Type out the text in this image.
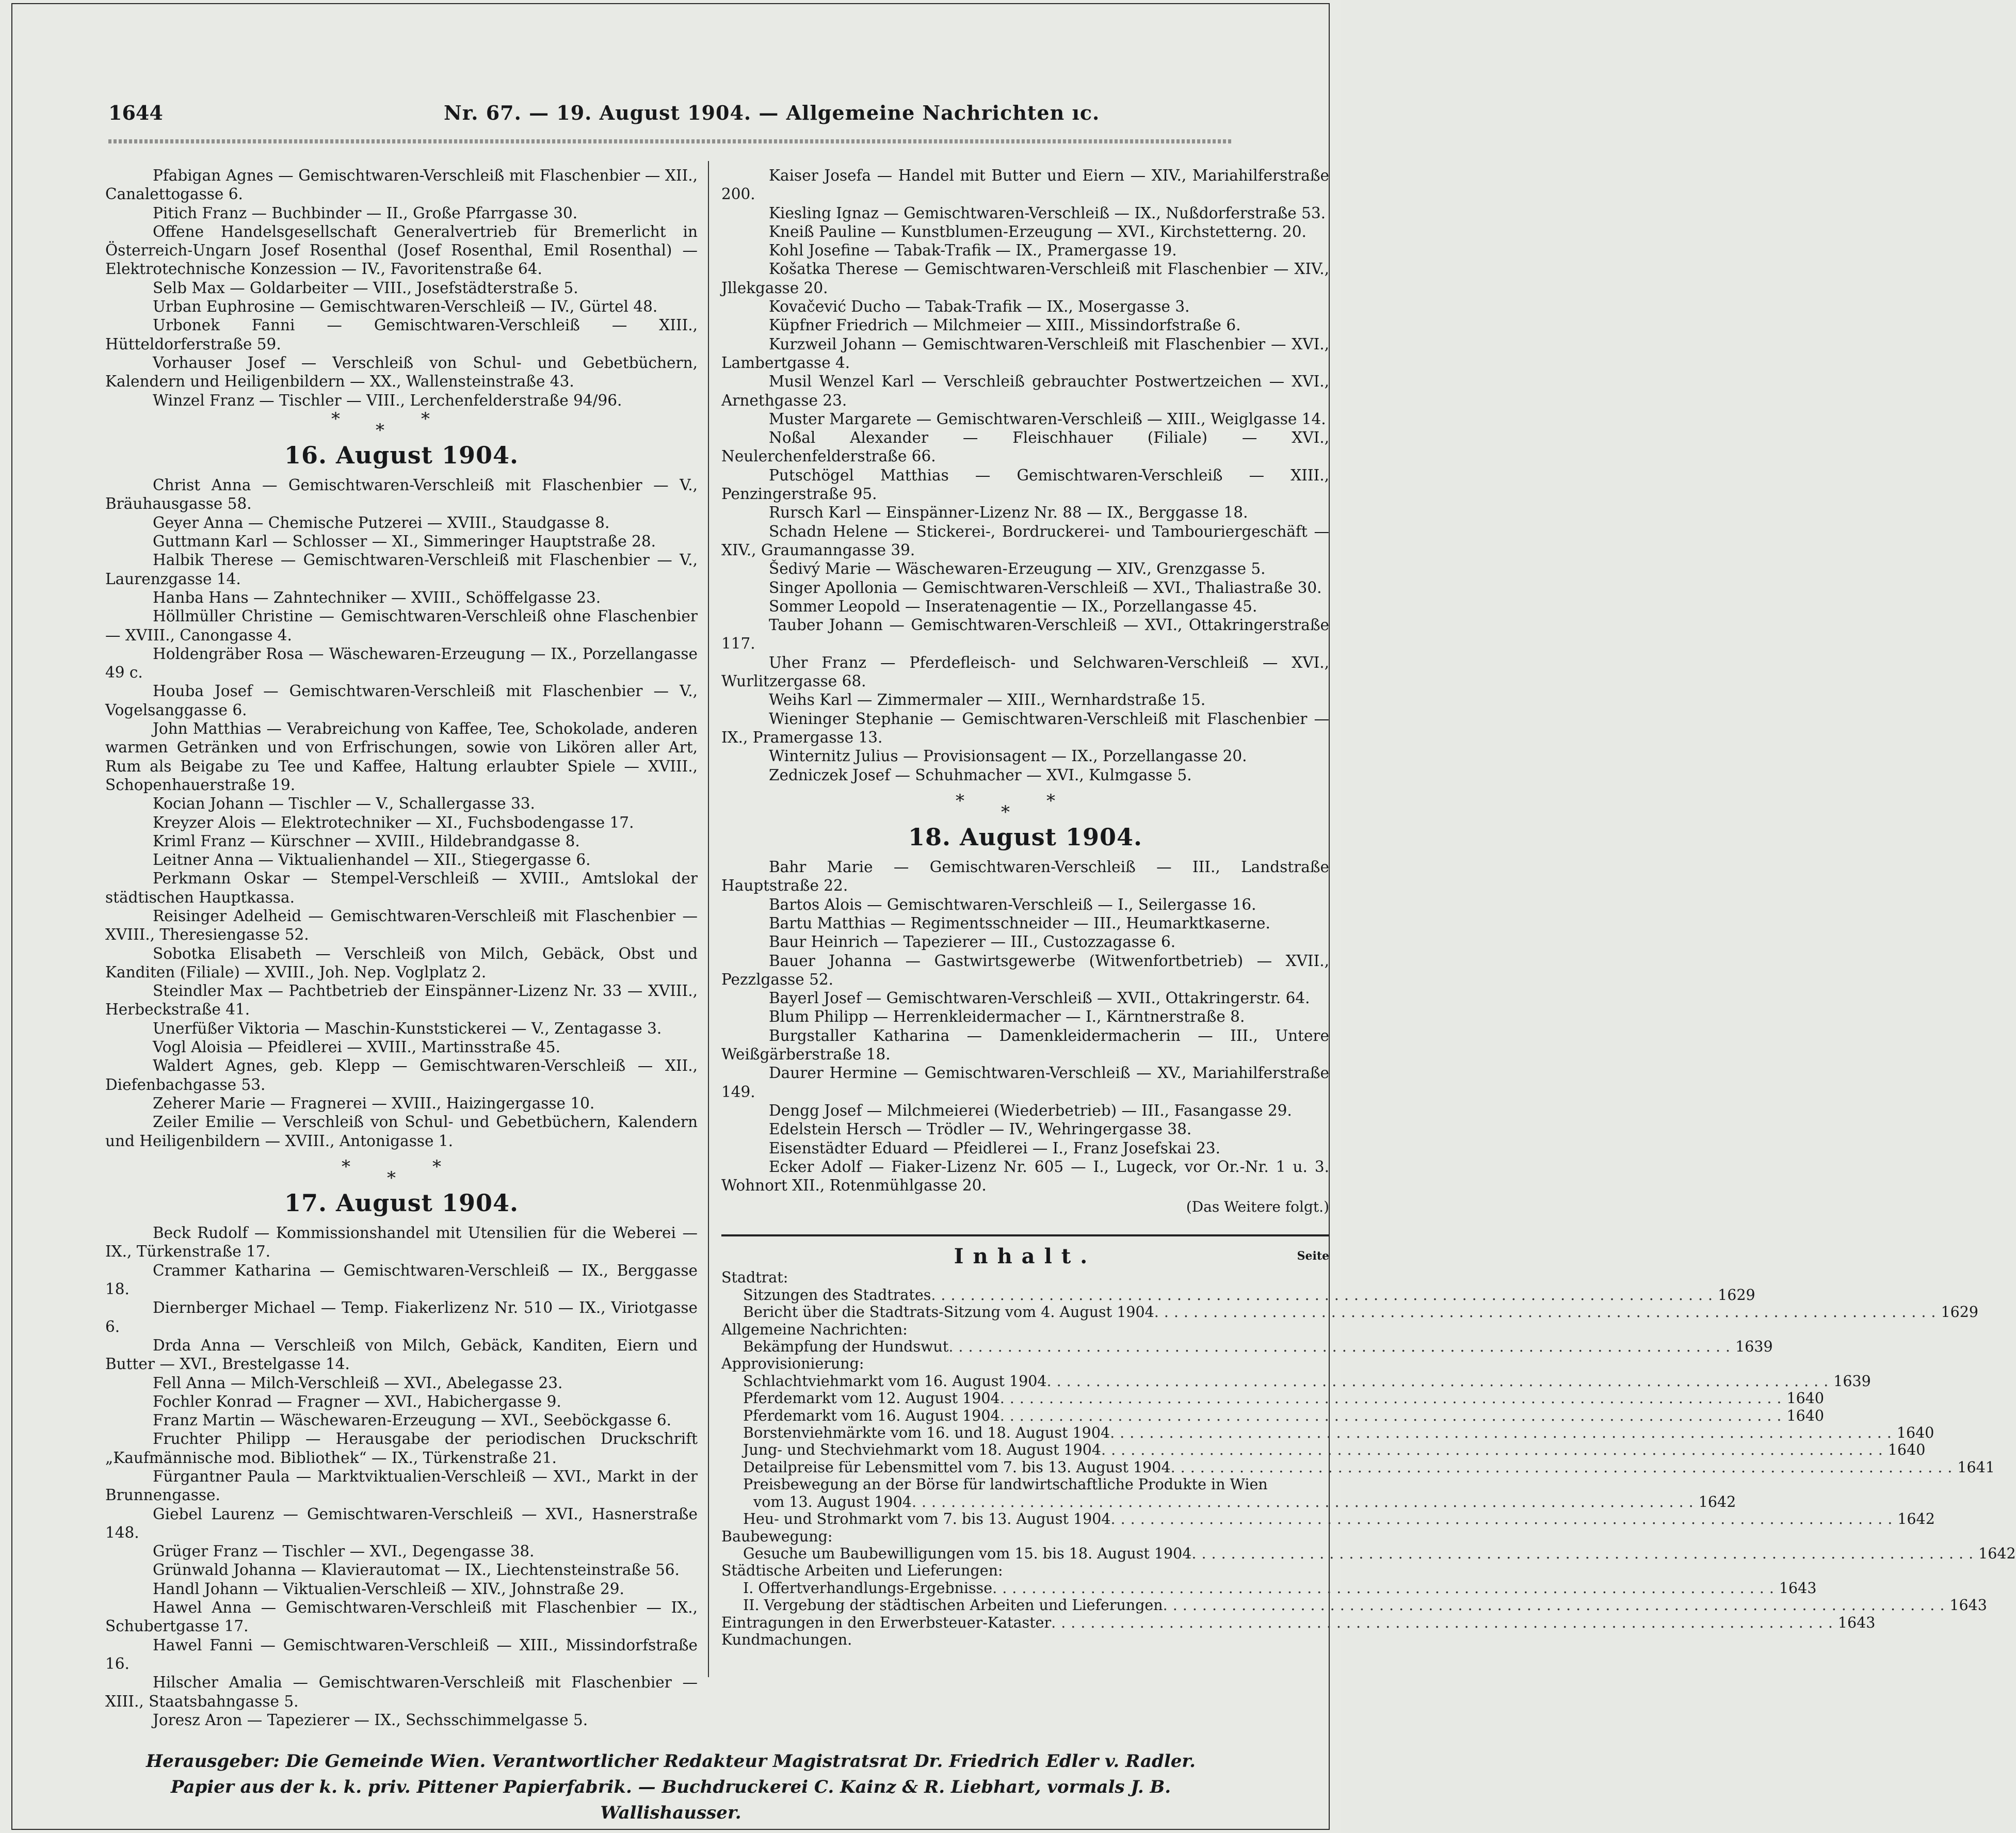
1644	Nr. 67. — 19. August 1904. — Allgemeine Nachrichten ıc.

Pfabigan Agnes — Gemischtwaren-Verschleiß mit Flaschenbier — XII., Canalettogasse 6.

Pitich Franz — Buchbinder — II., Große Pfarrgasse 30.

Offene Handelsgesellschaft Generalvertrieb für Bremerlicht in Österreich-Ungarn Josef Rosenthal (Josef Rosenthal, Emil Rosenthal) — Elektrotechnische Konzession — IV., Favoritenstraße 64.

Selb Max — Goldarbeiter — VIII., Josefstädterstraße 5.

Urban Euphrosine — Gemischtwaren-Verschleiß — IV., Gürtel 48.

Urbonek Fanni — Gemischtwaren-Verschleiß — XIII., Hütteldorferstraße 59.

Vorhauser Josef — Verschleiß von Schul- und Gebetbüchern, Kalendern und Heiligenbildern — XX., Wallensteinstraße 43.

Winzel Franz — Tischler — VIII., Lerchenfelderstraße 94/96.

*
*
*
16. August 1904.

Christ Anna — Gemischtwaren-Verschleiß mit Flaschenbier — V., Bräuhausgasse 58.

Geyer Anna — Chemische Putzerei — XVIII., Staudgasse 8.

Guttmann Karl — Schlosser — XI., Simmeringer Hauptstraße 28.

Halbik Therese — Gemischtwaren-Verschleiß mit Flaschenbier — V., Laurenzgasse 14.

Hanba Hans — Zahntechniker — XVIII., Schöffelgasse 23.

Höllmüller Christine — Gemischtwaren-Verschleiß ohne Flaschenbier — XVIII., Canongasse 4.

Holdengräber Rosa — Wäschewaren-Erzeugung — IX., Porzellangasse 49 c.

Houba Josef — Gemischtwaren-Verschleiß mit Flaschenbier — V., Vogelsanggasse 6.

John Matthias — Verabreichung von Kaffee, Tee, Schokolade, anderen warmen Getränken und von Erfrischungen, sowie von Likören aller Art, Rum als Beigabe zu Tee und Kaffee, Haltung erlaubter Spiele — XVIII., Schopenhauerstraße 19.

Kocian Johann — Tischler — V., Schallergasse 33.

Kreyzer Alois — Elektrotechniker — XI., Fuchsbodengasse 17.

Kriml Franz — Kürschner — XVIII., Hildebrandgasse 8.

Leitner Anna — Viktualienhandel — XII., Stiegergasse 6.

Perkmann Oskar — Stempel-Verschleiß — XVIII., Amtslokal der städtischen Hauptkassa.

Reisinger Adelheid — Gemischtwaren-Verschleiß mit Flaschenbier — XVIII., Theresiengasse 52.

Sobotka Elisabeth — Verschleiß von Milch, Gebäck, Obst und Kanditen (Filiale) — XVIII., Joh. Nep. Voglplatz 2.

Steindler Max — Pachtbetrieb der Einspänner-Lizenz Nr. 33 — XVIII., Herbeckstraße 41.

Unerfüßer Viktoria — Maschin-Kunststickerei — V., Zentagasse 3.

Vogl Aloisia — Pfeidlerei — XVIII., Martinsstraße 45.

Waldert Agnes, geb. Klepp — Gemischtwaren-Verschleiß — XII., Diefenbachgasse 53.

Zeherer Marie — Fragnerei — XVIII., Haizingergasse 10.

Zeiler Emilie — Verschleiß von Schul- und Gebetbüchern, Kalendern und Heiligenbildern — XVIII., Antonigasse 1.

*
*
*
17. August 1904.

Beck Rudolf — Kommissionshandel mit Utensilien für die Weberei — IX., Türkenstraße 17.

Crammer Katharina — Gemischtwaren-Verschleiß — IX., Berggasse 18.

Diernberger Michael — Temp. Fiakerlizenz Nr. 510 — IX., Viriotgasse 6.

Drda Anna — Verschleiß von Milch, Gebäck, Kanditen, Eiern und Butter — XVI., Brestelgasse 14.

Fell Anna — Milch-Verschleiß — XVI., Abelegasse 23.

Fochler Konrad — Fragner — XVI., Habichergasse 9.

Franz Martin — Wäschewaren-Erzeugung — XVI., Seeböckgasse 6.

Fruchter Philipp — Herausgabe der periodischen Druckschrift „Kaufmännische mod. Bibliothek“ — IX., Türkenstraße 21.

Fürgantner Paula — Marktviktualien-Verschleiß — XVI., Markt in der Brunnengasse.

Giebel Laurenz — Gemischtwaren-Verschleiß — XVI., Hasnerstraße 148.

Grüger Franz — Tischler — XVI., Degengasse 38.

Grünwald Johanna — Klavierautomat — IX., Liechtensteinstraße 56.

Handl Johann — Viktualien-Verschleiß — XIV., Johnstraße 29.

Hawel Anna — Gemischtwaren-Verschleiß mit Flaschenbier — IX., Schubertgasse 17.

Hawel Fanni — Gemischtwaren-Verschleiß — XIII., Missindorfstraße 16.

Hilscher Amalia — Gemischtwaren-Verschleiß mit Flaschenbier — XIII., Staatsbahngasse 5.

Joresz Aron — Tapezierer — IX., Sechsschimmelgasse 5.

Kaiser Josefa — Handel mit Butter und Eiern — XIV., Mariahilferstraße 200.

Kiesling Ignaz — Gemischtwaren-Verschleiß — IX., Nußdorferstraße 53.

Kneiß Pauline — Kunstblumen-Erzeugung — XVI., Kirchstetterng. 20.

Kohl Josefine — Tabak-Trafik — IX., Pramergasse 19.

Košatka Therese — Gemischtwaren-Verschleiß mit Flaschenbier — XIV., Jllekgasse 20.

Kovačević Ducho — Tabak-Trafik — IX., Mosergasse 3.

Küpfner Friedrich — Milchmeier — XIII., Missindorfstraße 6.

Kurzweil Johann — Gemischtwaren-Verschleiß mit Flaschenbier — XVI., Lambertgasse 4.

Musil Wenzel Karl — Verschleiß gebrauchter Postwertzeichen — XVI., Arnethgasse 23.

Muster Margarete — Gemischtwaren-Verschleiß — XIII., Weiglgasse 14.

Noßal Alexander — Fleischhauer (Filiale) — XVI., Neulerchenfelderstraße 66.

Putschögel Matthias — Gemischtwaren-Verschleiß — XIII., Penzingerstraße 95.

Rursch Karl — Einspänner-Lizenz Nr. 88 — IX., Berggasse 18.

Schadn Helene — Stickerei-, Bordruckerei- und Tambouriergeschäft — XIV., Graumanngasse 39.

Šedivý Marie — Wäschewaren-Erzeugung — XIV., Grenzgasse 5.

Singer Apollonia — Gemischtwaren-Verschleiß — XVI., Thaliastraße 30.

Sommer Leopold — Inseratenagentie — IX., Porzellangasse 45.

Tauber Johann — Gemischtwaren-Verschleiß — XVI., Ottakringerstraße 117.

Uher Franz — Pferdefleisch- und Selchwaren-Verschleiß — XVI., Wurlitzergasse 68.

Weihs Karl — Zimmermaler — XIII., Wernhardstraße 15.

Wieninger Stephanie — Gemischtwaren-Verschleiß mit Flaschenbier — IX., Pramergasse 13.

Winternitz Julius — Provisionsagent — IX., Porzellangasse 20.

Zedniczek Josef — Schuhmacher — XVI., Kulmgasse 5.

*
*
*
18. August 1904.

Bahr Marie — Gemischtwaren-Verschleiß — III., Landstraße Hauptstraße 22.

Bartos Alois — Gemischtwaren-Verschleiß — I., Seilergasse 16.

Bartu Matthias — Regimentsschneider — III., Heumarktkaserne.

Baur Heinrich — Tapezierer — III., Custozzagasse 6.

Bauer Johanna — Gastwirtsgewerbe (Witwenfortbetrieb) — XVII., Pezzlgasse 52.

Bayerl Josef — Gemischtwaren-Verschleiß — XVII., Ottakringerstr. 64.

Blum Philipp — Herrenkleidermacher — I., Kärntnerstraße 8.

Burgstaller Katharina — Damenkleidermacherin — III., Untere Weißgärberstraße 18.

Daurer Hermine — Gemischtwaren-Verschleiß — XV., Mariahilferstraße 149.

Dengg Josef — Milchmeierei (Wiederbetrieb) — III., Fasangasse 29.

Edelstein Hersch — Trödler — IV., Wehringergasse 38.

Eisenstädter Eduard — Pfeidlerei — I., Franz Josefskai 23.

Ecker Adolf — Fiaker-Lizenz Nr. 605 — I., Lugeck, vor Or.-Nr. 1 u. 3. Wohnort XII., Rotenmühlgasse 20.

(Das Weitere folgt.)
Inhalt.	Seite
Stadtrat:
Sitzungen des Stadtrates ................................................................................ 1629
Bericht über die Stadtrats-Sitzung vom 4. August 1904 ................................................................................ 1629
Allgemeine Nachrichten:
Bekämpfung der Hundswut ................................................................................ 1639
Approvisionierung:
Schlachtviehmarkt vom 16. August 1904 ................................................................................ 1639
Pferdemarkt vom 12. August 1904 ................................................................................ 1640
Pferdemarkt vom 16. August 1904 ................................................................................ 1640
Borstenviehmärkte vom 16. und 18. August 1904 ................................................................................ 1640
Jung- und Stechviehmarkt vom 18. August 1904 ................................................................................ 1640
Detailpreise für Lebensmittel vom 7. bis 13. August 1904 ................................................................................ 1641
Preisbewegung an der Börse für landwirtschaftliche Produkte in Wien
vom 13. August 1904 ................................................................................ 1642
Heu- und Strohmarkt vom 7. bis 13. August 1904 ................................................................................ 1642
Baubewegung:
Gesuche um Baubewilligungen vom 15. bis 18. August 1904 ................................................................................ 1642
Städtische Arbeiten und Lieferungen:
I. Offertverhandlungs-Ergebnisse ................................................................................ 1643
II. Vergebung der städtischen Arbeiten und Lieferungen ................................................................................ 1643
Eintragungen in den Erwerbsteuer-Kataster ................................................................................ 1643
Kundmachungen.
Herausgeber: Die Gemeinde Wien. Verantwortlicher Redakteur Magistratsrat Dr. Friedrich Edler v. Radler.
Papier aus der k. k. priv. Pittener Papierfabrik. — Buchdruckerei C. Kainz & R. Liebhart, vormals J. B. Wallishausser.
